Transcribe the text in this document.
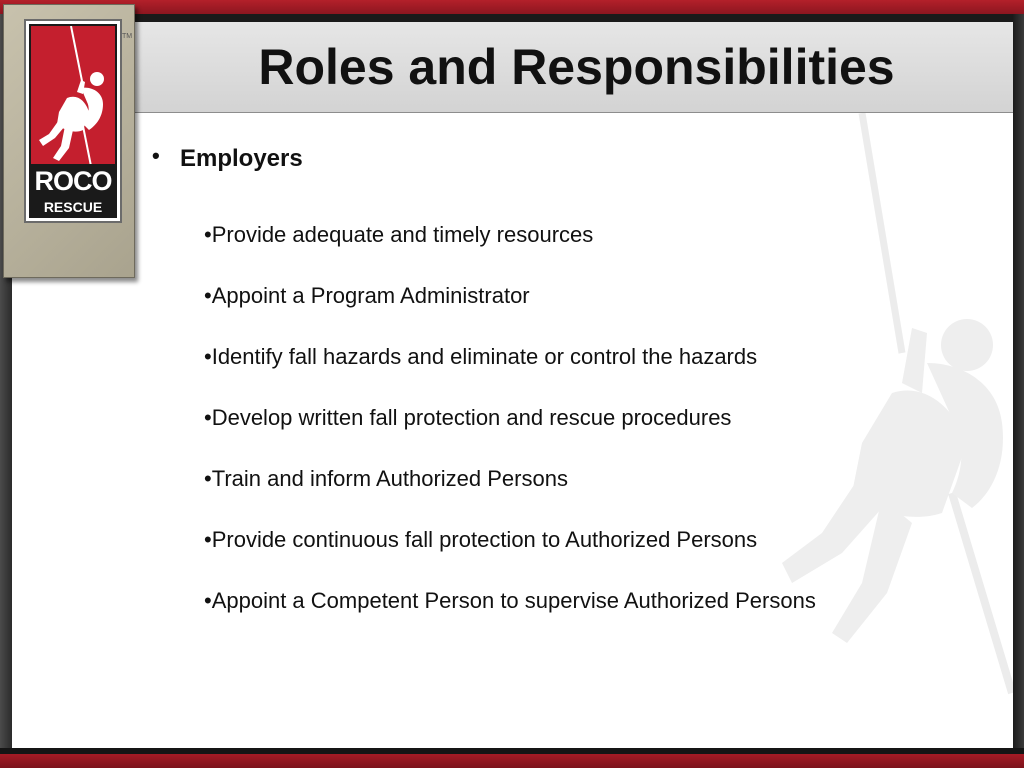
ROCO
RESCUE
TM
Roles and Responsibilities
• Employers
•Provide adequate and timely resources
•Appoint a Program Administrator
•Identify fall hazards and eliminate or control the hazards
•Develop written fall protection and rescue procedures
•Train and inform Authorized Persons
•Provide continuous fall protection to Authorized Persons
•Appoint a Competent Person to supervise Authorized Persons
